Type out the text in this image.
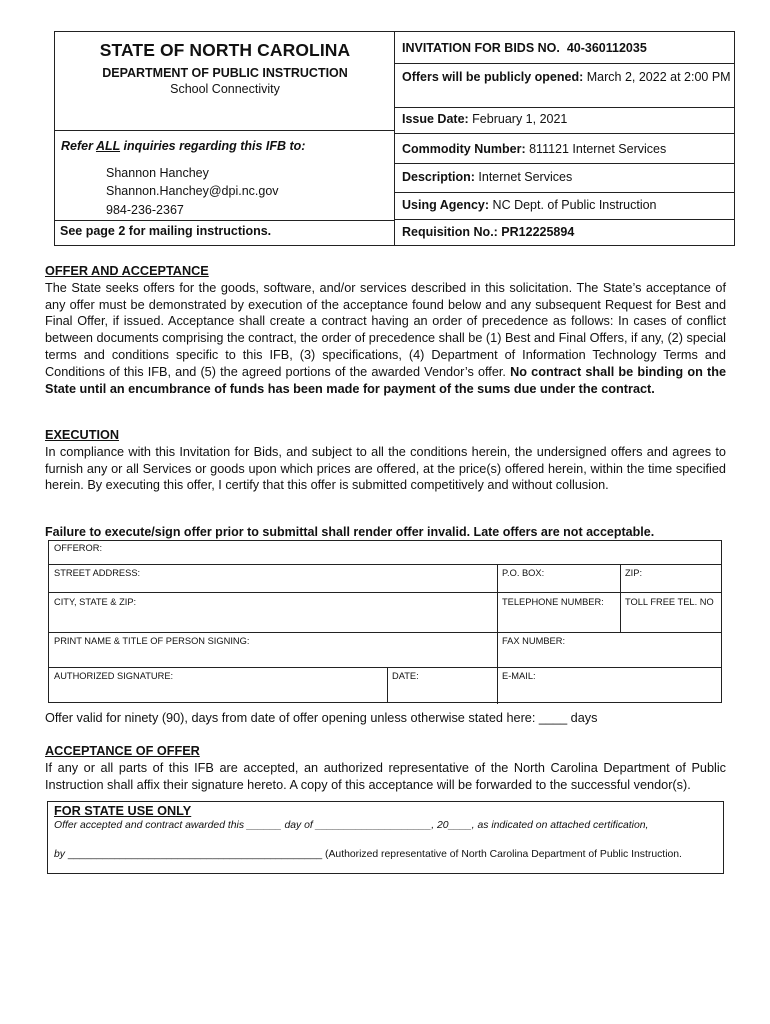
STATE OF NORTH CAROLINA
DEPARTMENT OF PUBLIC INSTRUCTION
School Connectivity
Refer ALL inquiries regarding this IFB to:
Shannon Hanchey
Shannon.Hanchey@dpi.nc.gov
984-236-2367
See page 2 for mailing instructions.
INVITATION FOR BIDS NO. 40-360112035
Offers will be publicly opened: March 2, 2022 at 2:00 PM
Issue Date: February 1, 2021
Commodity Number: 811121 Internet Services
Description: Internet Services
Using Agency: NC Dept. of Public Instruction
Requisition No.: PR12225894
OFFER AND ACCEPTANCE
The State seeks offers for the goods, software, and/or services described in this solicitation. The State’s acceptance of any offer must be demonstrated by execution of the acceptance found below and any subsequent Request for Best and Final Offer, if issued. Acceptance shall create a contract having an order of precedence as follows: In cases of conflict between documents comprising the contract, the order of precedence shall be (1) Best and Final Offers, if any, (2) special terms and conditions specific to this IFB, (3) specifications, (4) Department of Information Technology Terms and Conditions of this IFB, and (5) the agreed portions of the awarded Vendor’s offer. No contract shall be binding on the State until an encumbrance of funds has been made for payment of the sums due under the contract.
EXECUTION
In compliance with this Invitation for Bids, and subject to all the conditions herein, the undersigned offers and agrees to furnish any or all Services or goods upon which prices are offered, at the price(s) offered herein, within the time specified herein. By executing this offer, I certify that this offer is submitted competitively and without collusion.
Failure to execute/sign offer prior to submittal shall render offer invalid. Late offers are not acceptable.
OFFEROR:
STREET ADDRESS:	P.O. BOX:	ZIP:
CITY, STATE & ZIP:	TELEPHONE NUMBER:	TOLL FREE TEL. NO
PRINT NAME & TITLE OF PERSON SIGNING:	FAX NUMBER:
AUTHORIZED SIGNATURE:	DATE:	E-MAIL:
Offer valid for ninety (90), days from date of offer opening unless otherwise stated here: ____ days
ACCEPTANCE OF OFFER
If any or all parts of this IFB are accepted, an authorized representative of the North Carolina Department of Public Instruction shall affix their signature hereto. A copy of this acceptance will be forwarded to the successful vendor(s).
FOR STATE USE ONLY
Offer accepted and contract awarded this ______ day of ____________________, 20____, as indicated on attached certification,
by ____________________________________________ (Authorized representative of North Carolina Department of Public Instruction.
